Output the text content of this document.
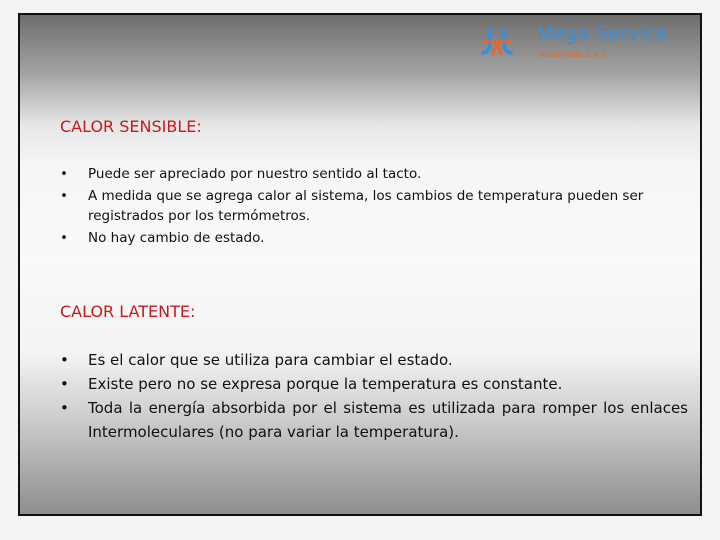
Mega Service
Multimedia S.A.S
CALOR SENSIBLE:
• Puede ser apreciado por nuestro sentido al tacto.
• A medida que se agrega calor al sistema, los cambios de temperatura pueden ser registrados por los termómetros.
• No hay cambio de estado.
CALOR LATENTE:
• Es el calor que se utiliza para cambiar el estado.
• Existe pero no se expresa porque la temperatura es constante.
• Toda la energía absorbida por el sistema es utilizada para romper los enlaces Intermoleculares (no para variar la temperatura).
